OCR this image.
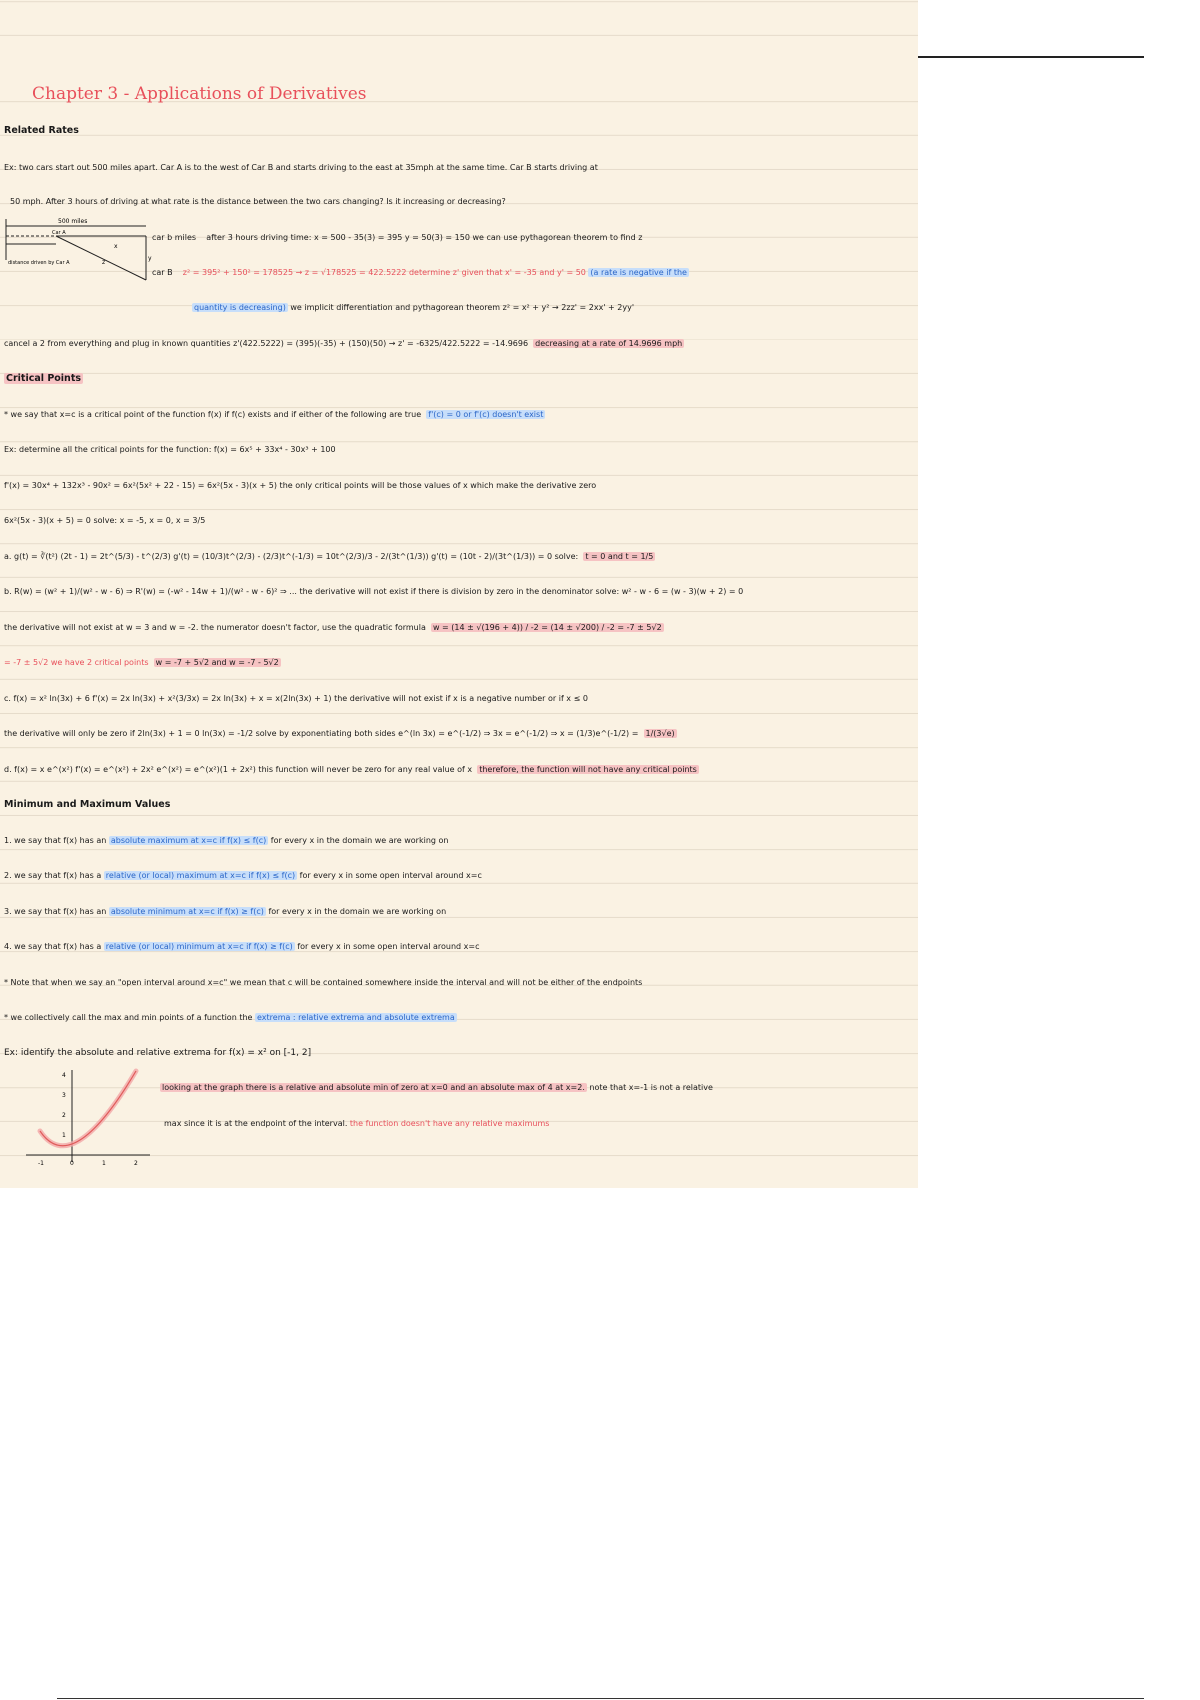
Chapter 3 - Applications of Derivatives
Related Rates
Ex: two cars start out 500 miles apart. Car A is to the west of Car B and starts driving to the east at 35mph at the same time. Car B starts driving at
50 mph. After 3 hours of driving at what rate is the distance between the two cars changing? Is it increasing or decreasing?
500 miles
Car A
x
y
z
distance driven by Car A
car b miles after 3 hours driving time: x = 500 - 35(3) = 395 y = 50(3) = 150 we can use pythagorean theorem to find z
car B z² = 395² + 150² = 178525 → z = √178525 = 422.5222 determine z' given that x' = -35 and y' = 50 (a rate is negative if the
quantity is decreasing) we implicit differentiation and pythagorean theorem z² = x² + y² → 2zz' = 2xx' + 2yy'
cancel a 2 from everything and plug in known quantities z'(422.5222) = (395)(-35) + (150)(50) → z' = -6325/422.5222 = -14.9696 decreasing at a rate of 14.9696 mph
Critical Points
* we say that x=c is a critical point of the function f(x) if f(c) exists and if either of the following are true f'(c) = 0 or f'(c) doesn't exist
Ex: determine all the critical points for the function: f(x) = 6x⁵ + 33x⁴ - 30x³ + 100
f'(x) = 30x⁴ + 132x³ - 90x² = 6x²(5x² + 22 - 15) = 6x²(5x - 3)(x + 5) the only critical points will be those values of x which make the derivative zero
6x²(5x - 3)(x + 5) = 0 solve: x = -5, x = 0, x = 3/5
a. g(t) = ∛(t²) (2t - 1) = 2t^(5/3) - t^(2/3) g'(t) = (10/3)t^(2/3) - (2/3)t^(-1/3) = 10t^(2/3)/3 - 2/(3t^(1/3)) g'(t) = (10t - 2)/(3t^(1/3)) = 0 solve: t = 0 and t = 1/5
b. R(w) = (w² + 1)/(w² - w - 6) ⇒ R'(w) = (-w² - 14w + 1)/(w² - w - 6)² ⇒ ... the derivative will not exist if there is division by zero in the denominator solve: w² - w - 6 = (w - 3)(w + 2) = 0
the derivative will not exist at w = 3 and w = -2. the numerator doesn't factor, use the quadratic formula w = (14 ± √(196 + 4)) / -2 = (14 ± √200) / -2 = -7 ± 5√2
= -7 ± 5√2 we have 2 critical points w = -7 + 5√2 and w = -7 - 5√2
c. f(x) = x² ln(3x) + 6 f'(x) = 2x ln(3x) + x²(3/3x) = 2x ln(3x) + x = x(2ln(3x) + 1) the derivative will not exist if x is a negative number or if x ≤ 0
the derivative will only be zero if 2ln(3x) + 1 = 0 ln(3x) = -1/2 solve by exponentiating both sides e^(ln 3x) = e^(-1/2) ⇒ 3x = e^(-1/2) ⇒ x = (1/3)e^(-1/2) = 1/(3√e)
d. f(x) = x e^(x²) f'(x) = e^(x²) + 2x² e^(x²) = e^(x²)(1 + 2x²) this function will never be zero for any real value of x therefore, the function will not have any critical points
Minimum and Maximum Values
1. we say that f(x) has an absolute maximum at x=c if f(x) ≤ f(c) for every x in the domain we are working on
2. we say that f(x) has a relative (or local) maximum at x=c if f(x) ≤ f(c) for every x in some open interval around x=c
3. we say that f(x) has an absolute minimum at x=c if f(x) ≥ f(c) for every x in the domain we are working on
4. we say that f(x) has a relative (or local) minimum at x=c if f(x) ≥ f(c) for every x in some open interval around x=c
* Note that when we say an "open interval around x=c" we mean that c will be contained somewhere inside the interval and will not be either of the endpoints
* we collectively call the max and min points of a function the extrema : relative extrema and absolute extrema
Ex: identify the absolute and relative extrema for f(x) = x² on [-1, 2]
looking at the graph there is a relative and absolute min of zero at x=0 and an absolute max of 4 at x=2. note that x=-1 is not a relative
max since it is at the endpoint of the interval. the function doesn't have any relative maximums
-1	0	1	2
4
3
2
1
